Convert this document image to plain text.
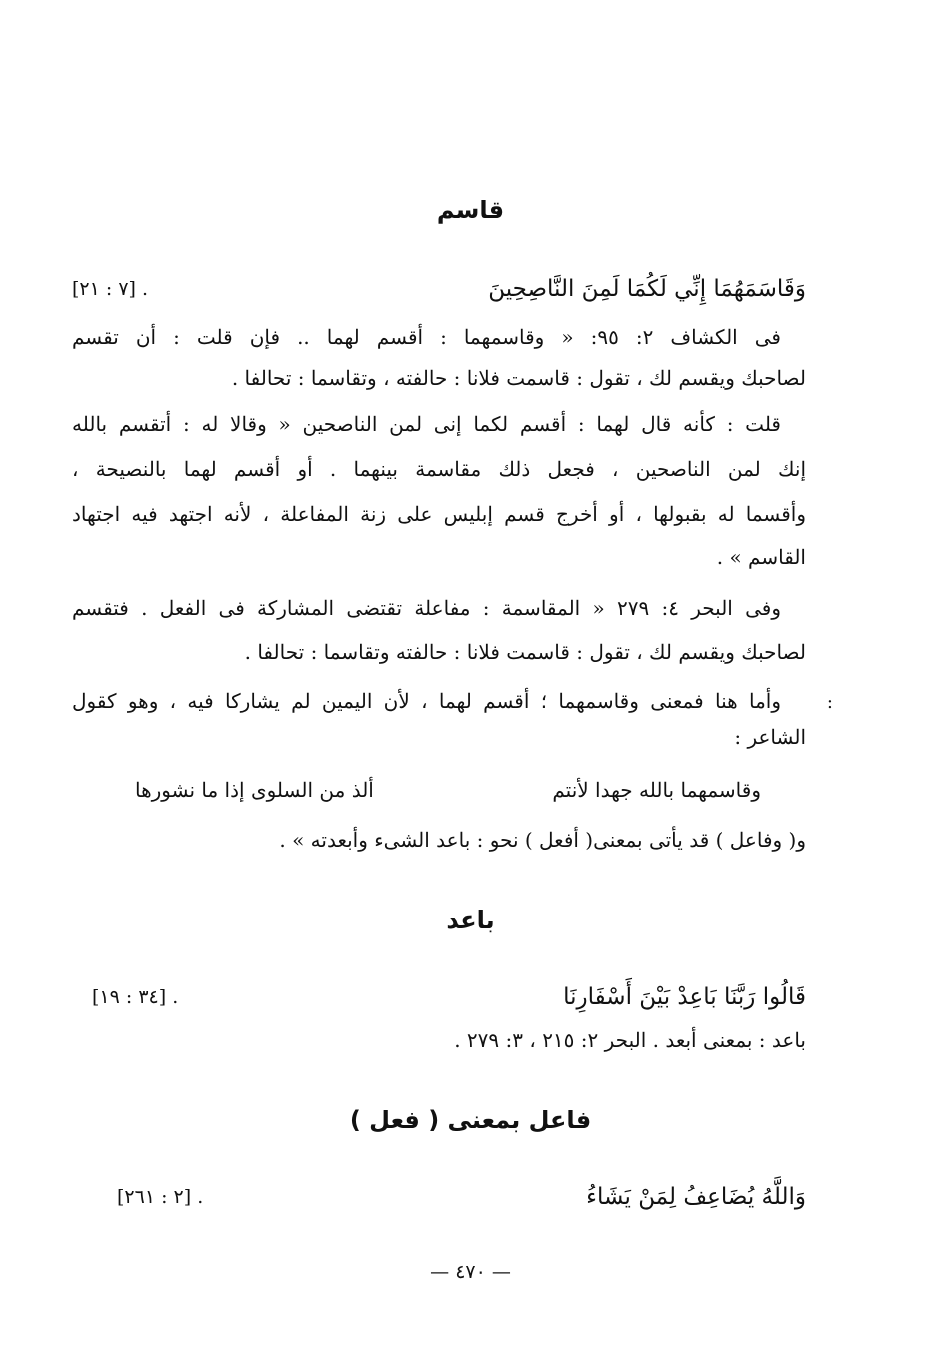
قاسم
وَقَاسَمَهُمَا إِنِّي لَكُمَا لَمِنَ النَّاصِحِينَ
. [٧ : ٢١]
فى الكشاف ٢: ٩٥: « وقاسمهما : أقسم لهما .. فإن قلت : أن تقسم
لصاحبك ويقسم لك ، تقول : قاسمت فلانا : حالفته ، وتقاسما : تحالفا .
قلت : كأنه قال لهما : أقسم لكما إنى لمن الناصحين « وقالا له : أتقسم بالله
إنك لمن الناصحين ، فجعل ذلك مقاسمة بينهما . أو أقسم لهما بالنصيحة ،
وأقسما له بقبولها ، أو أخرج قسم إبليس على زنة المفاعلة ، لأنه اجتهد فيه اجتهاد
القاسم » .
وفى البحر ٤: ٢٧٩ « المقاسمة : مفاعلة تقتضى المشاركة فى الفعل . فتقسم
لصاحبك ويقسم لك ، تقول : قاسمت فلانا : حالفته وتقاسما : تحالفا .
وأما هنا فمعنى وقاسمهما ؛ أقسم لهما ، لأن اليمين لم يشاركا فيه ، وهو كقول
الشاعر :
:
وقاسمهما بالله جهدا لأنتم
ألذ من السلوى إذا ما نشورها
و( وفاعل ) قد يأتى بمعنى( أفعل ) نحو : باعد الشىء وأبعدته » .
باعد
قَالُوا رَبَّنَا بَاعِدْ بَيْنَ أَسْفَارِنَا
. [٣٤ : ١٩]
باعد : بمعنى أبعد . البحر ٢: ٢١٥ ، ٣: ٢٧٩ .
فاعل بمعنى ( فعل )
وَاللَّهُ يُضَاعِفُ لِمَنْ يَشَاءُ
. [٢ : ٢٦١]
— ٤٧٠ —
